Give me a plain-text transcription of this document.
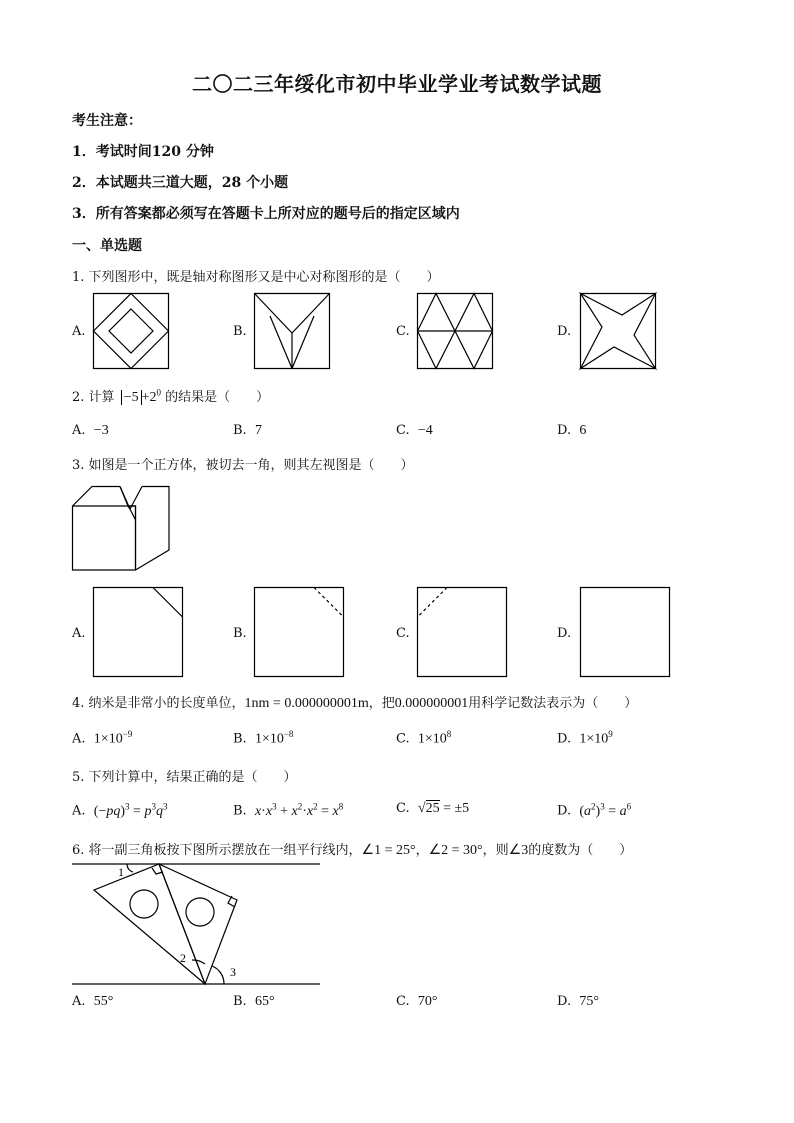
二〇二三年绥化市初中毕业学业考试数学试题
考生注意：
1．考试时间120 分钟
2．本试题共三道大题，28 个小题
3．所有答案都必须写在答题卡上所对应的题号后的指定区域内
一、单选题
1. 下列图形中，既是轴对称图形又是中心对称图形的是（　　）
A.	B.	C.	D.
2. 计算 $-5 +2^0$ 的结果是（　　）
A. −3	B. 7	C. −4	D. 6
3. 如图是一个正方体，被切去一角，则其左视图是（　　）
A.	B.	C.	D.
4. 纳米是非常小的长度单位，1nm = 0.000000001m，把0.000000001用科学记数法表示为（　　）
A. $1\times 10^{-9}$	B. $1\times 10^{-8}$	C. $1\times 10^8$	D. $1\times 10^9$
5. 下列计算中，结果正确的是（　　）
A. $(-pq)^3 = p^3q^3$	B. $x\cdot x^3 + x^2\cdot x^2 = x^8$	C. √25 = ±5	D. $(a^2)^3 = a^6$
6. 将一副三角板按下图所示摆放在一组平行线内，∠1 = 25°，∠2 = 30°，则∠3的度数为（　　）
1
2
3
A. 55°	B. 65°	C. 70°	D. 75°
